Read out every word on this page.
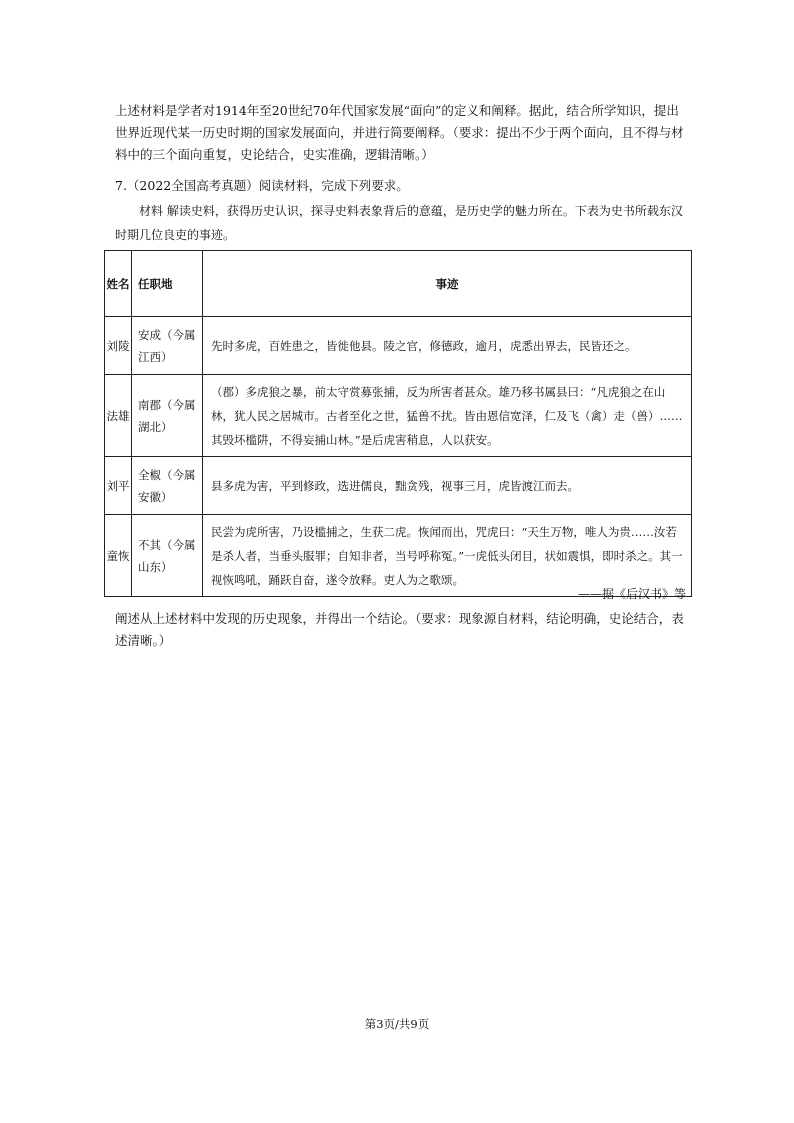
上述材料是学者对1914年至20世纪70年代国家发展“面向”的定义和阐释。据此，结合所学知识，提出世界近现代某一历史时期的国家发展面向，并进行简要阐释。（要求：提出不少于两个面向，且不得与材料中的三个面向重复，史论结合，史实准确，逻辑清晰。）
7.（2022全国高考真题）阅读材料，完成下列要求。
材料 解读史料，获得历史认识，探寻史料表象背后的意蕴，是历史学的魅力所在。下表为史书所载东汉时期几位良吏的事迹。
姓名	任职地	事迹
刘陵	安成（今属江西）	先时多虎，百姓患之，皆徙他县。陵之官，修德政，逾月，虎悉出界去，民皆还之。
法雄	南郡（今属湖北）	（郡）多虎狼之暴，前太守赏募张捕，反为所害者甚众。雄乃移书属县曰：“凡虎狼之在山林，犹人民之居城市。古者至化之世，猛兽不扰。皆由恩信宽泽，仁及飞（禽）走（兽）……其毁坏槛阱，不得妄捕山林。”是后虎害稍息，人以获安。
刘平	全椒（今属安徽）	县多虎为害，平到修政，选进儒良，黜贪残，视事三月，虎皆渡江而去。
童恢	不其（今属山东）	民尝为虎所害，乃设槛捕之，生获二虎。恢闻而出，咒虎曰：“天生万物，唯人为贵……汝若是杀人者，当垂头服罪；自知非者，当号呼称冤。”一虎低头闭目，状如震惧，即时杀之。其一视恢鸣吼，踊跃自奋，遂令放释。吏人为之歌颂。
——据《后汉书》等
阐述从上述材料中发现的历史现象，并得出一个结论。（要求：现象源自材料，结论明确，史论结合，表述清晰。）
第3页/共9页
